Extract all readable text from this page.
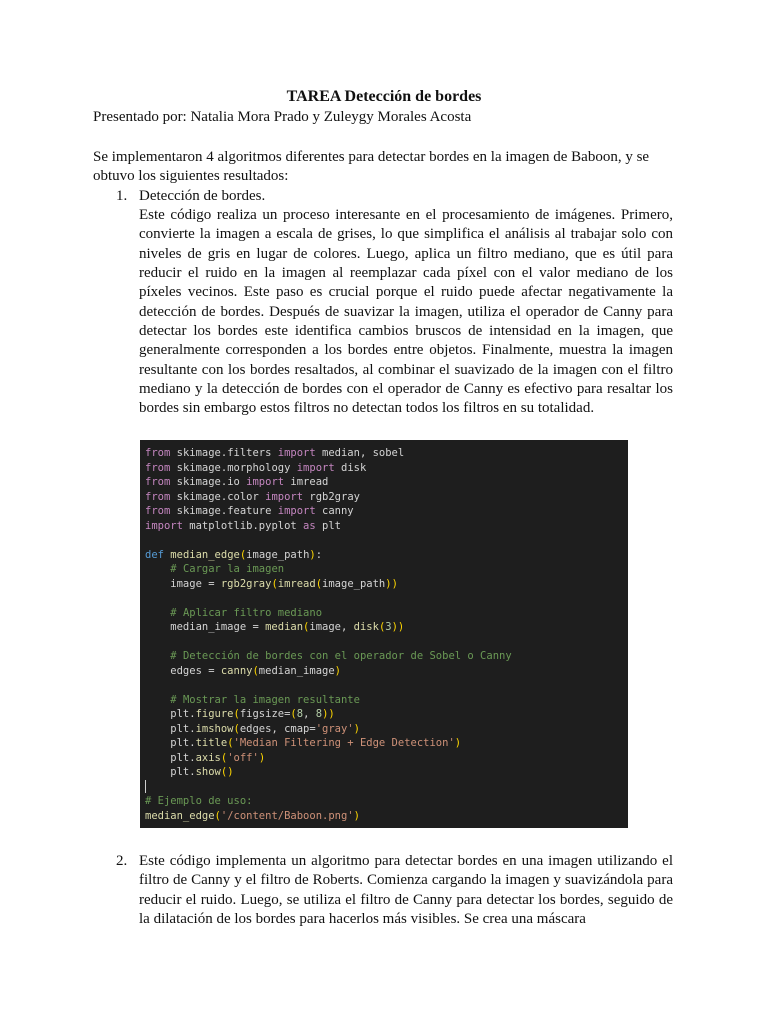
TAREA Detección de bordes
Presentado por: Natalia Mora Prado y Zuleygy Morales Acosta
Se implementaron 4 algoritmos diferentes para detectar bordes en la imagen de Baboon, y se obtuvo los siguientes resultados:
1. Detección de bordes.
Este código realiza un proceso interesante en el procesamiento de imágenes. Primero, convierte la imagen a escala de grises, lo que simplifica el análisis al trabajar solo con niveles de gris en lugar de colores. Luego, aplica un filtro mediano, que es útil para reducir el ruido en la imagen al reemplazar cada píxel con el valor mediano de los píxeles vecinos. Este paso es crucial porque el ruido puede afectar negativamente la detección de bordes. Después de suavizar la imagen, utiliza el operador de Canny para detectar los bordes este identifica cambios bruscos de intensidad en la imagen, que generalmente corresponden a los bordes entre objetos. Finalmente, muestra la imagen resultante con los bordes resaltados, al combinar el suavizado de la imagen con el filtro mediano y la detección de bordes con el operador de Canny es efectivo para resaltar los bordes sin embargo estos filtros no detectan todos los filtros en su totalidad.
from skimage.filters import median, sobel
from skimage.morphology import disk
from skimage.io import imread
from skimage.color import rgb2gray
from skimage.feature import canny
import matplotlib.pyplot as plt
def median_edge(image_path):
# Cargar la imagen
image = rgb2gray(imread(image_path))
# Aplicar filtro mediano
median_image = median(image, disk(3))
# Detección de bordes con el operador de Sobel o Canny
edges = canny(median_image)
# Mostrar la imagen resultante
plt.figure(figsize=(8, 8))
plt.imshow(edges, cmap='gray')
plt.title('Median Filtering + Edge Detection')
plt.axis('off')
plt.show()
# Ejemplo de uso:
median_edge('/content/Baboon.png')
2. Este código implementa un algoritmo para detectar bordes en una imagen utilizando el filtro de Canny y el filtro de Roberts. Comienza cargando la imagen y suavizándola para reducir el ruido. Luego, se utiliza el filtro de Canny para detectar los bordes, seguido de la dilatación de los bordes para hacerlos más visibles. Se crea una máscara
